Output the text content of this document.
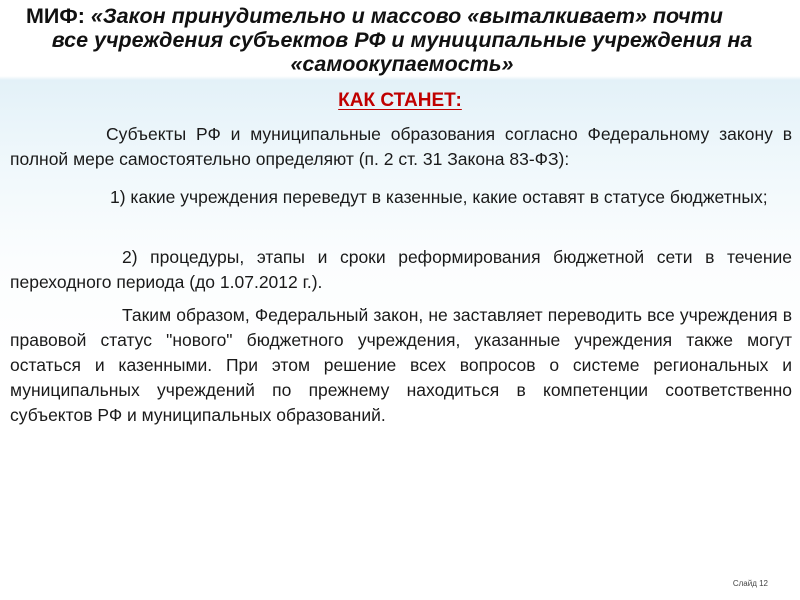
МИФ: «Закон принудительно и массово «выталкивает» почти
все учреждения субъектов РФ и муниципальные учреждения на
«самоокупаемость»
КАК СТАНЕТ:

Субъекты РФ и муниципальные образования согласно Федеральному закону в полной мере самостоятельно определяют (п. 2 ст. 31 Закона 83-ФЗ):

1) какие учреждения переведут в казенные, какие оставят в статусе бюджетных;

2) процедуры, этапы и сроки реформирования бюджетной сети в течение переходного периода (до 1.07.2012 г.).

Таким образом, Федеральный закон, не заставляет переводить все учреждения в правовой статус "нового" бюджетного учреждения, указанные учреждения также могут остаться и казенными. При этом решение всех вопросов о системе региональных и муниципальных учреждений по прежнему находиться в компетенции соответственно субъектов РФ и муниципальных образований.

Слайд 12
